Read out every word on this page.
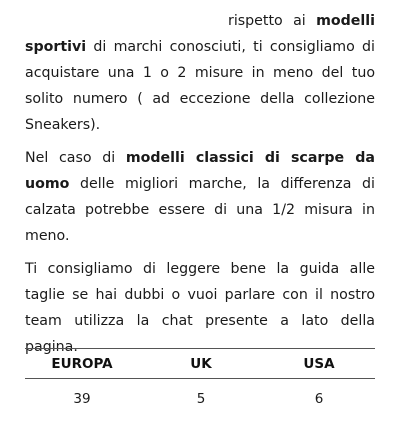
rispetto ai modelli sportivi di marchi conosciuti, ti consigliamo di acquistare una 1 o 2 misure in meno del tuo solito numero ( ad eccezione della collezione Sneakers).

Nel caso di modelli classici di scarpe da uomo delle migliori marche, la differenza di calzata potrebbe essere di una 1/2 misura in meno.

Ti consigliamo di leggere bene la guida alle taglie se hai dubbi o vuoi parlare con il nostro team utilizza la chat presente a lato della pagina.

EUROPA	UK	USA
39	5	6
